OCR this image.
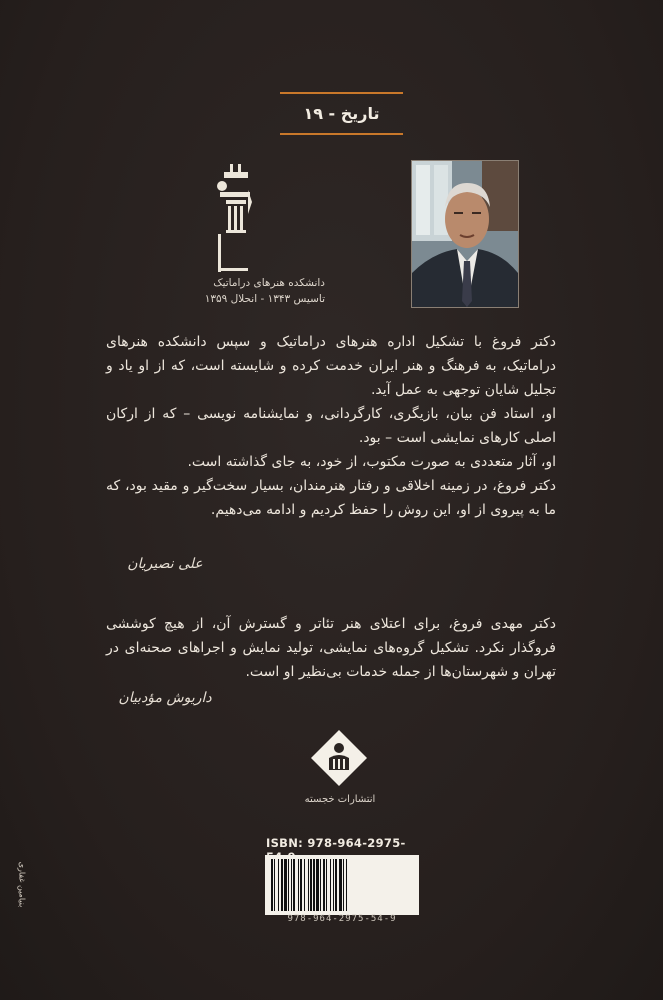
تاریخ - ۱۹
دانشکده هنرهای دراماتیک
تاسیس ۱۳۴۳ - انحلال ۱۳۵۹

دکتر فروغ با تشکیل اداره هنرهای دراماتیک و سپس دانشکده هنرهای دراماتیک، به فرهنگ و هنر ایران خدمت کرده و شایسته است، که از او یاد و تجلیل شایان توجهی به عمل آید.

او، استاد فن بیان، بازیگری، کارگردانی، و نمایشنامه نویسی – که از ارکان اصلی کارهای نمایشی است – بود.

او، آثار متعددی به صورت مکتوب، از خود، به جای گذاشته است.

دکتر فروغ، در زمینه اخلاقی و رفتار هنرمندان، بسیار سخت‌گیر و مقید بود، که ما به پیروی از او، این روش را حفظ کردیم و ادامه می‌دهیم.

علی نصیریان

دکتر مهدی فروغ، برای اعتلای هنر تئاتر و گسترش آن، از هیچ کوششی فروگذار نکرد. تشکیل گروه‌های نمایشی، تولید نمایش و اجراهای صحنه‌ای در تهران و شهرستان‌ها از جمله خدمات بی‌نظیر او است.

داریوش مؤدبیان
انتشارات خجسته
ISBN: 978-964-2975-
978-964-2975-54-9
بنیامین غفاری
